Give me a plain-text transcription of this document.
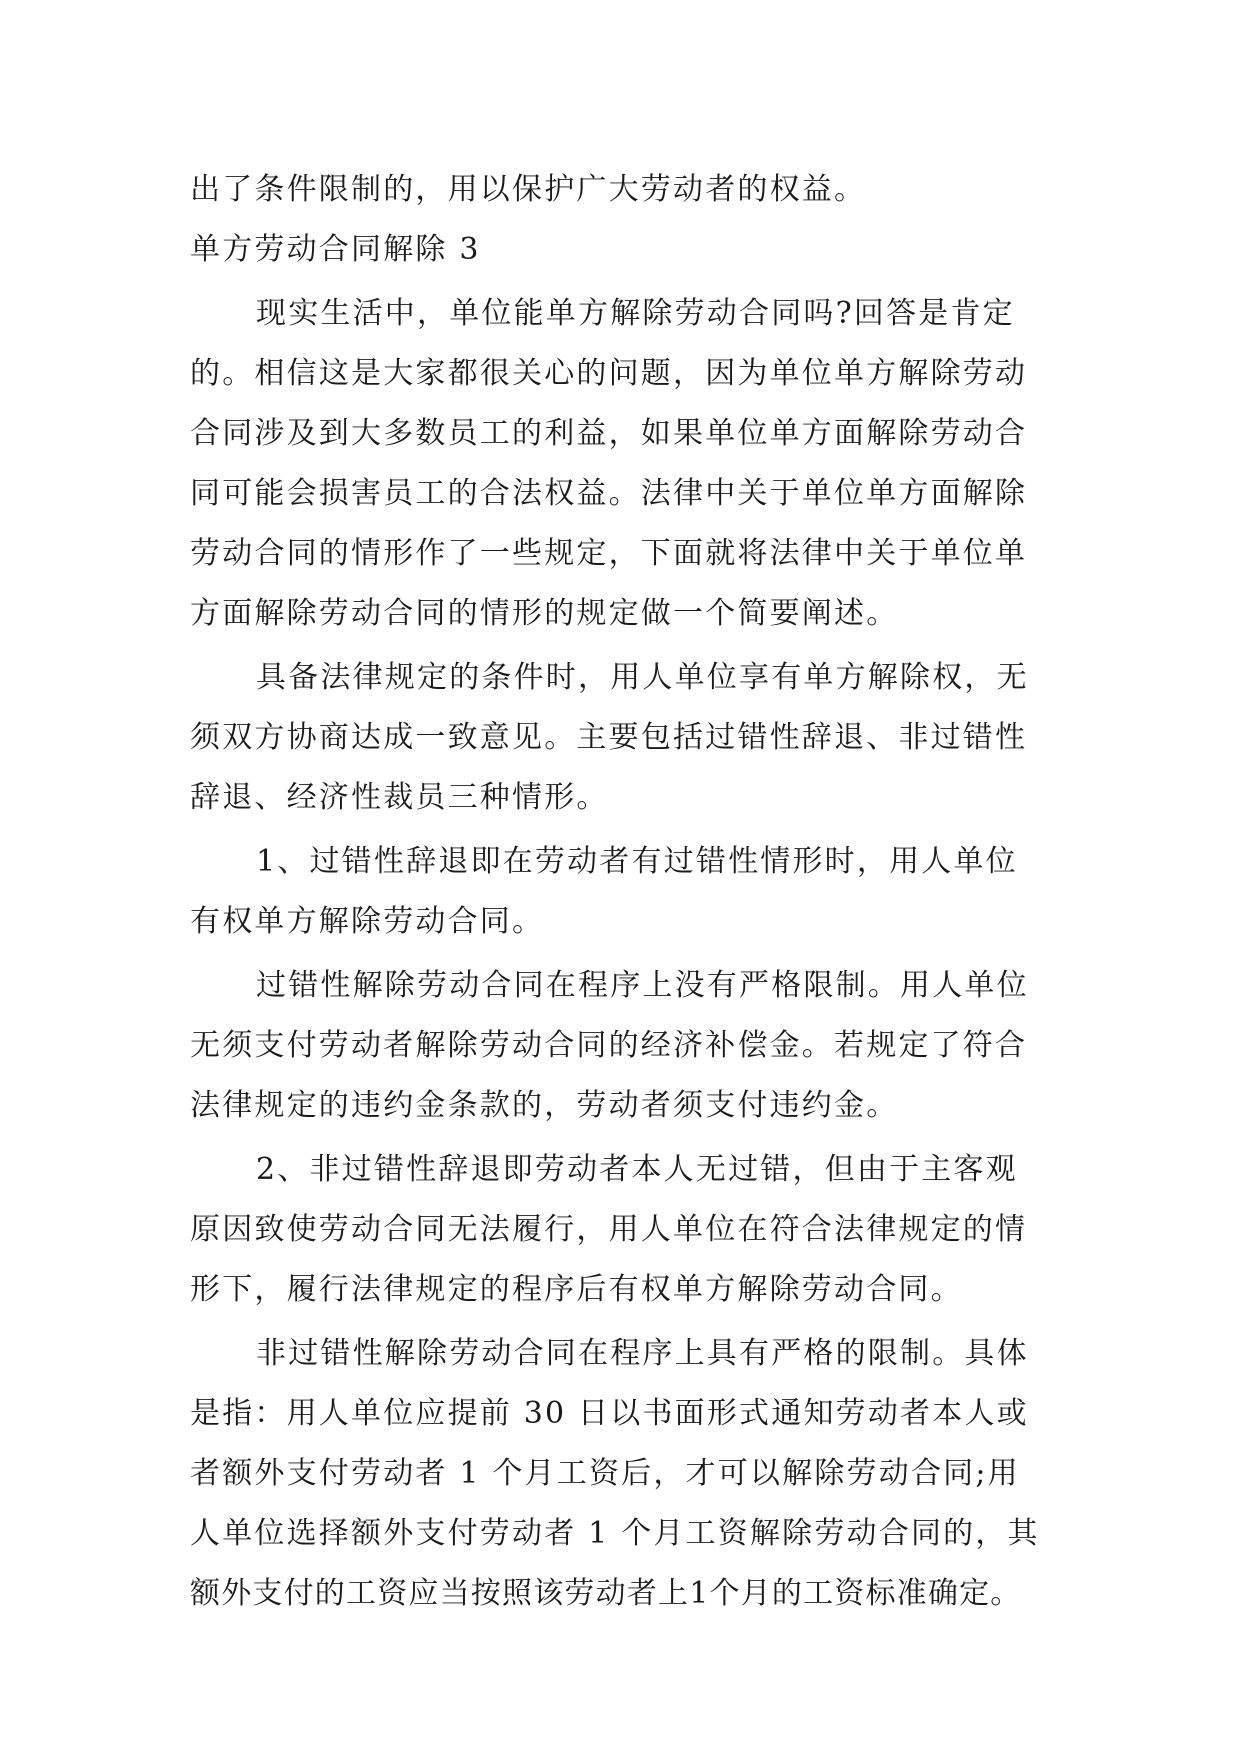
出了条件限制的，用以保护广大劳动者的权益。
单方劳动合同解除 3
现实生活中，单位能单方解除劳动合同吗?回答是肯定
的。相信这是大家都很关心的问题，因为单位单方解除劳动
合同涉及到大多数员工的利益，如果单位单方面解除劳动合
同可能会损害员工的合法权益。法律中关于单位单方面解除
劳动合同的情形作了一些规定，下面就将法律中关于单位单
方面解除劳动合同的情形的规定做一个简要阐述。
具备法律规定的条件时，用人单位享有单方解除权，无
须双方协商达成一致意见。主要包括过错性辞退、非过错性
辞退、经济性裁员三种情形。
1、过错性辞退即在劳动者有过错性情形时，用人单位
有权单方解除劳动合同。
过错性解除劳动合同在程序上没有严格限制。用人单位
无须支付劳动者解除劳动合同的经济补偿金。若规定了符合
法律规定的违约金条款的，劳动者须支付违约金。
2、非过错性辞退即劳动者本人无过错，但由于主客观
原因致使劳动合同无法履行，用人单位在符合法律规定的情
形下，履行法律规定的程序后有权单方解除劳动合同。
非过错性解除劳动合同在程序上具有严格的限制。具体
是指：用人单位应提前 30 日以书面形式通知劳动者本人或
者额外支付劳动者 1 个月工资后，才可以解除劳动合同;用
人单位选择额外支付劳动者 1 个月工资解除劳动合同的，其
额外支付的工资应当按照该劳动者上1个月的工资标准确定。
